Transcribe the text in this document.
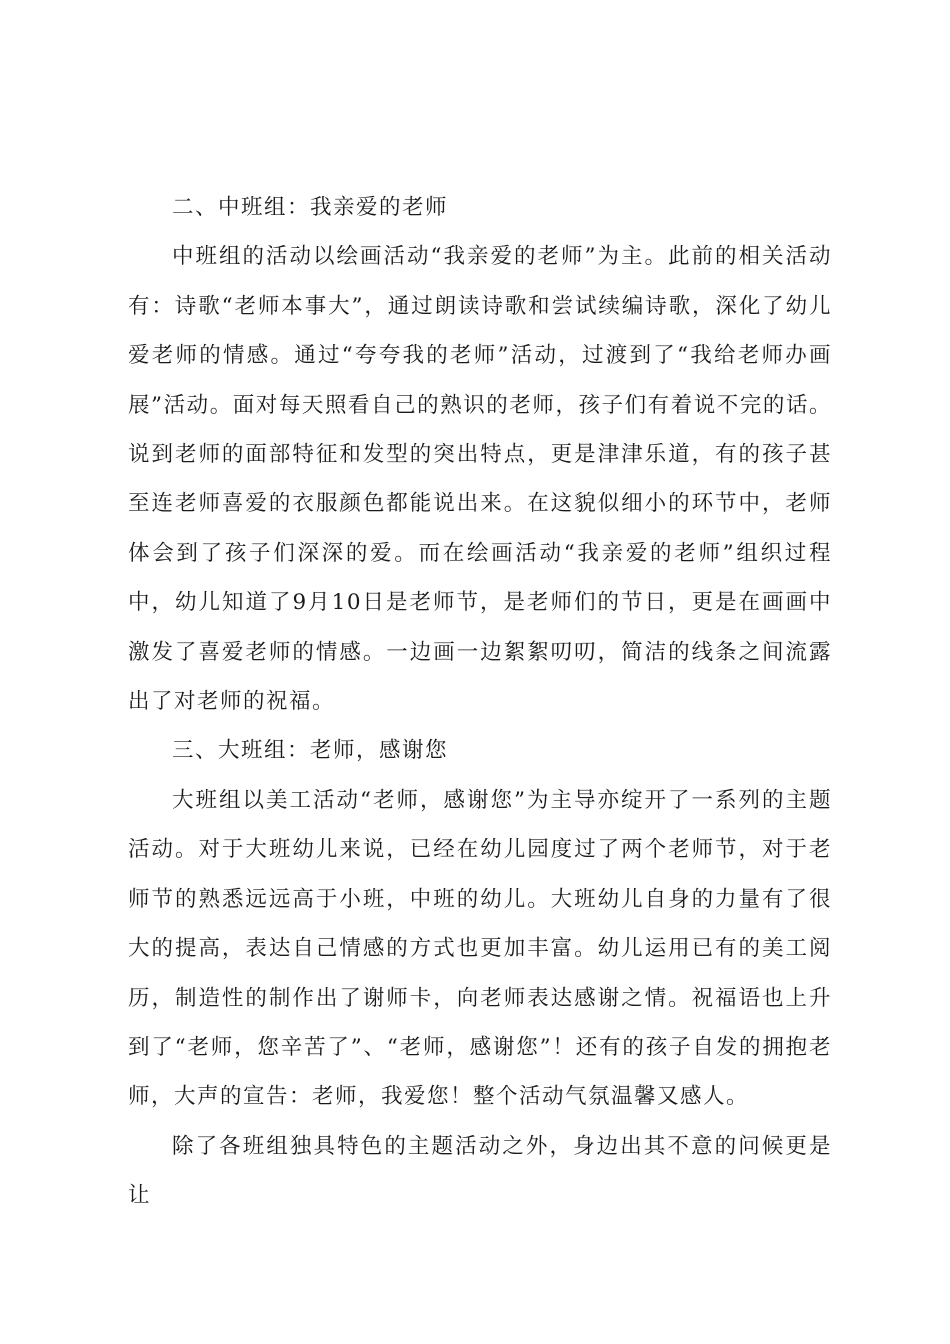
二、中班组：我亲爱的老师

中班组的活动以绘画活动“我亲爱的老师”为主。此前的相关活动有：诗歌“老师本事大”，通过朗读诗歌和尝试续编诗歌，深化了幼儿爱老师的情感。通过“夸夸我的老师”活动，过渡到了“我给老师办画展”活动。面对每天照看自己的熟识的老师，孩子们有着说不完的话。说到老师的面部特征和发型的突出特点，更是津津乐道，有的孩子甚至连老师喜爱的衣服颜色都能说出来。在这貌似细小的环节中，老师体会到了孩子们深深的爱。而在绘画活动“我亲爱的老师”组织过程中，幼儿知道了9月10日是老师节，是老师们的节日，更是在画画中激发了喜爱老师的情感。一边画一边絮絮叨叨，简洁的线条之间流露出了对老师的祝福。

三、大班组：老师，感谢您

大班组以美工活动“老师，感谢您”为主导亦绽开了一系列的主题活动。对于大班幼儿来说，已经在幼儿园度过了两个老师节，对于老师节的熟悉远远高于小班，中班的幼儿。大班幼儿自身的力量有了很大的提高，表达自己情感的方式也更加丰富。幼儿运用已有的美工阅历，制造性的制作出了谢师卡，向老师表达感谢之情。祝福语也上升到了“老师，您辛苦了”、“老师，感谢您”！还有的孩子自发的拥抱老师，大声的宣告：老师，我爱您！整个活动气氛温馨又感人。

除了各班组独具特色的主题活动之外，身边出其不意的问候更是让
